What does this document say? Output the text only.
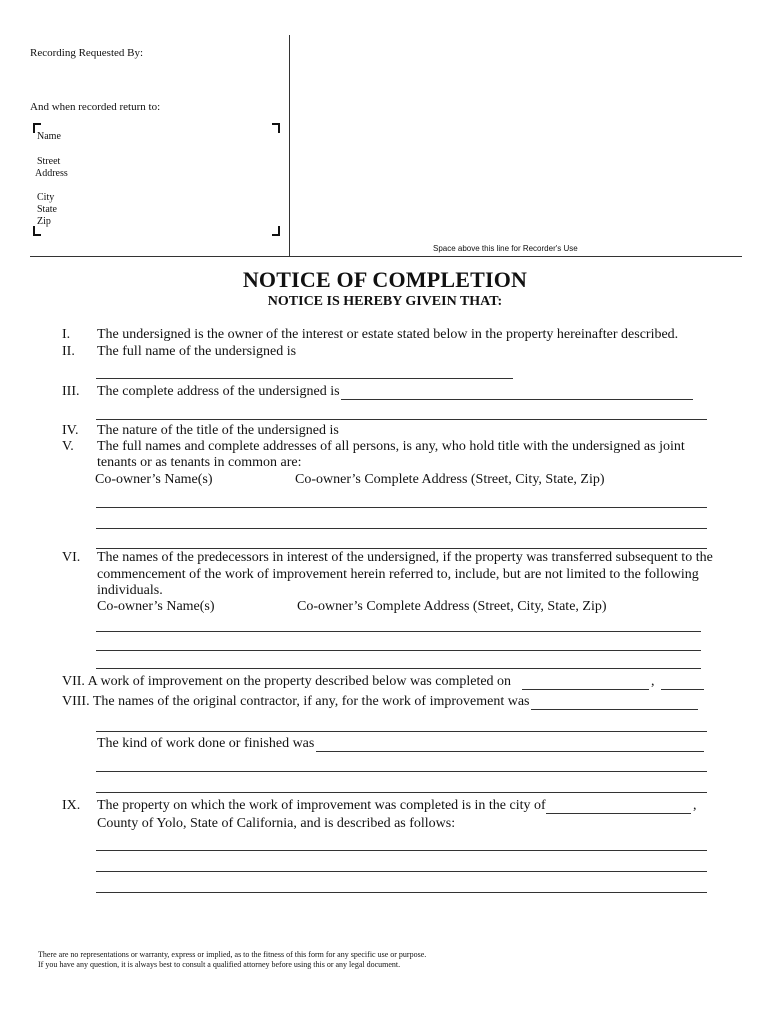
Recording Requested By:
And when recorded return to:
Name
Street
Address
City
State
Zip
Space above this line for Recorder's Use
NOTICE OF COMPLETION
NOTICE IS HEREBY GIVEIN THAT:
I. The undersigned is the owner of the interest or estate stated below in the property hereinafter described.
II. The full name of the undersigned is
III. The complete address of the undersigned is
IV. The nature of the title of the undersigned is
V. The full names and complete addresses of all persons, is any, who hold title with the undersigned as joint
tenants or as tenants in common are:
Co-owner’s Name(s)	Co-owner’s Complete Address (Street, City, State, Zip)
VI. The names of the predecessors in interest of the undersigned, if the property was transferred subsequent to the
commencement of the work of improvement herein referred to, include, but are not limited to the following
individuals.
Co-owner’s Name(s)	Co-owner’s Complete Address (Street, City, State, Zip)
VII. A work of improvement on the property described below was completed on	,
VIII. The names of the original contractor, if any, for the work of improvement was
The kind of work done or finished was
IX. The property on which the work of improvement was completed is in the city of	,
County of Yolo, State of California, and is described as follows:
There are no representations or warranty, express or implied, as to the fitness of this form for any specific use or purpose.
If you have any question, it is always best to consult a qualified attorney before using this or any legal document.
